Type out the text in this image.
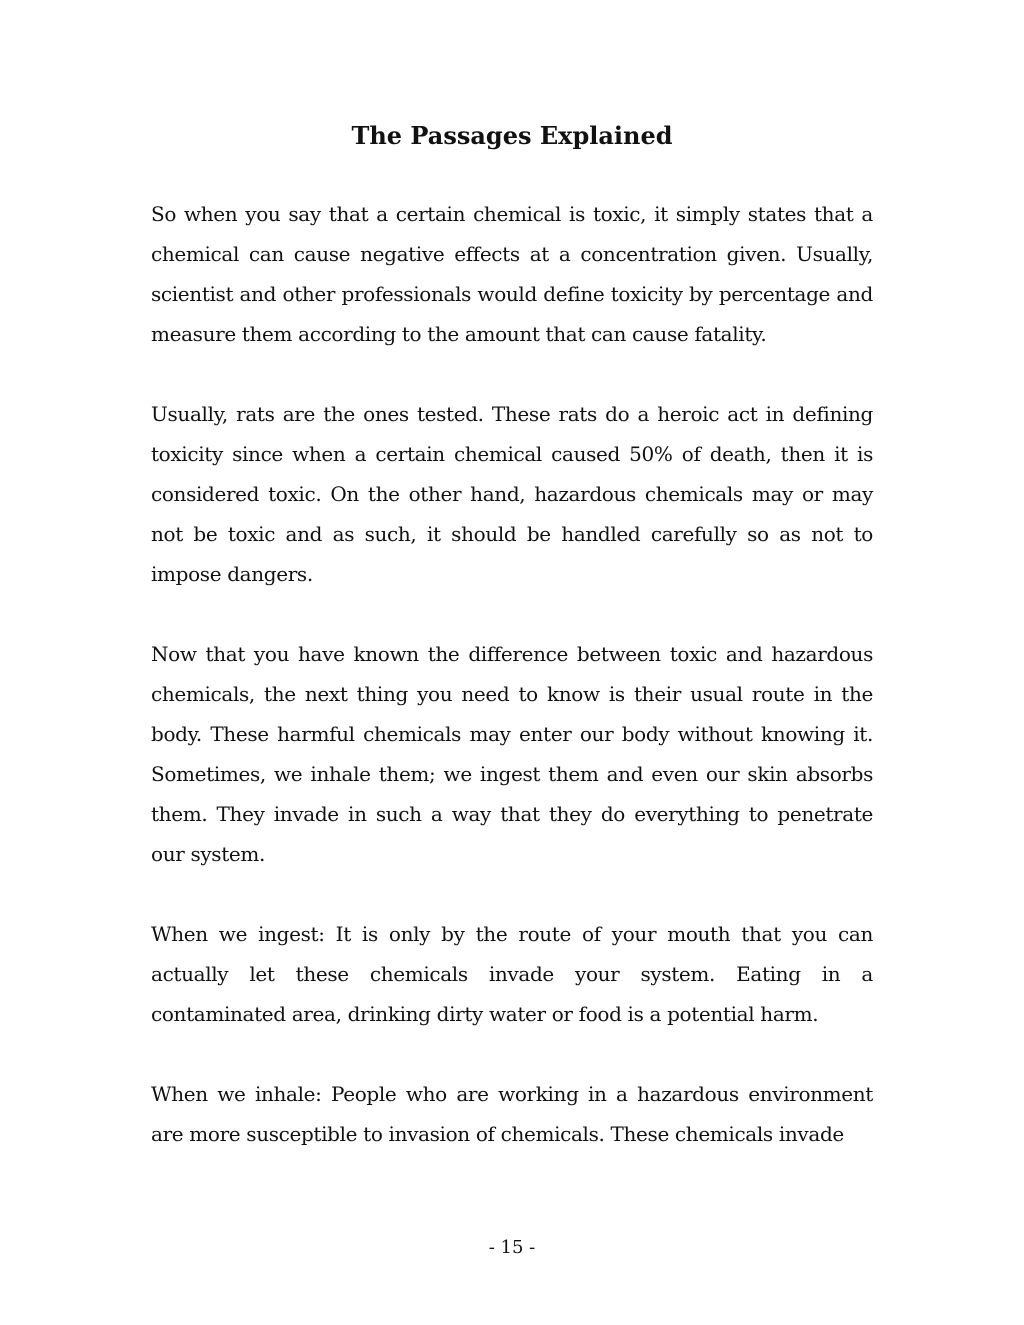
The Passages Explained

So when you say that a certain chemical is toxic, it simply states that a chemical can cause negative effects at a concentration given. Usually, scientist and other professionals would define toxicity by percentage and measure them according to the amount that can cause fatality.

Usually, rats are the ones tested. These rats do a heroic act in defining toxicity since when a certain chemical caused 50% of death, then it is considered toxic. On the other hand, hazardous chemicals may or may not be toxic and as such, it should be handled carefully so as not to impose dangers.

Now that you have known the difference between toxic and hazardous chemicals, the next thing you need to know is their usual route in the body. These harmful chemicals may enter our body without knowing it. Sometimes, we inhale them; we ingest them and even our skin absorbs them. They invade in such a way that they do everything to penetrate our system.

When we ingest: It is only by the route of your mouth that you can actually let these chemicals invade your system. Eating in a contaminated area, drinking dirty water or food is a potential harm.

When we inhale: People who are working in a hazardous environment are more susceptible to invasion of chemicals. These chemicals invade

- 15 -
